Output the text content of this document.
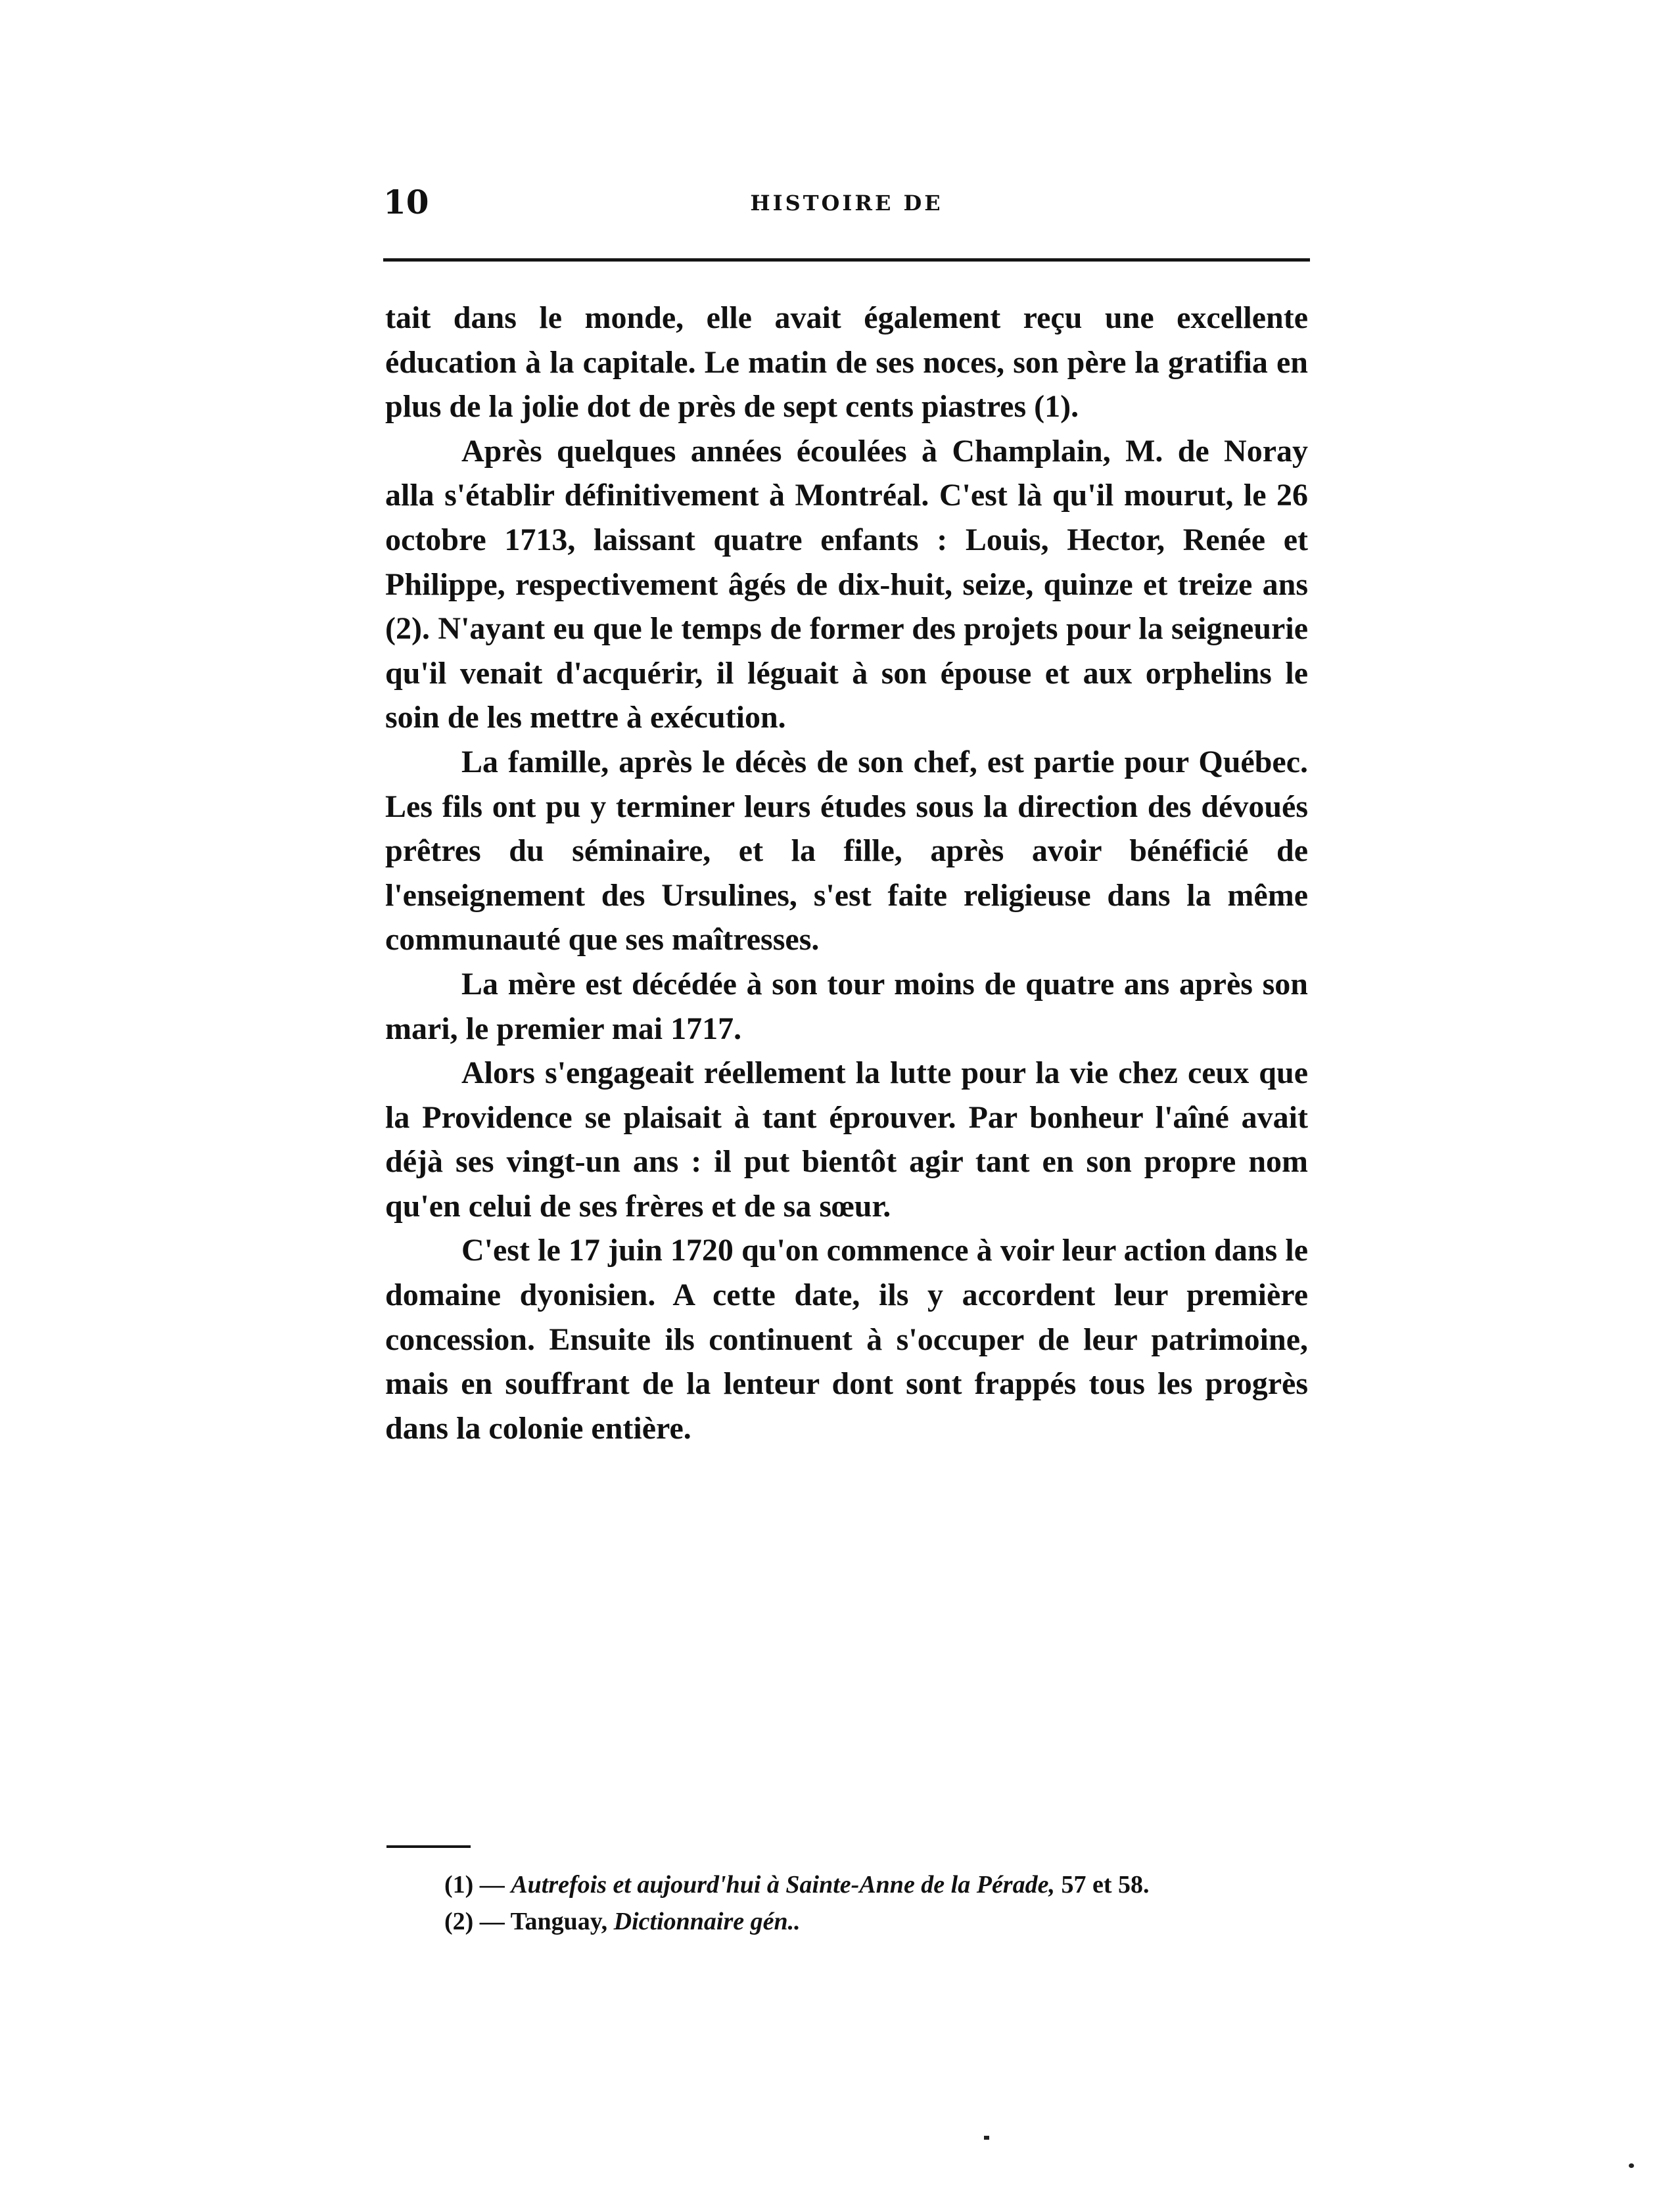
10	HISTOIRE DE

tait dans le monde, elle avait également reçu une excellente éducation à la capitale. Le matin de ses noces, son père la gratifia en plus de la jolie dot de près de sept cents piastres (1).

Après quelques années écoulées à Champlain, M. de Noray alla s'établir définitivement à Montréal. C'est là qu'il mourut, le 26 octobre 1713, laissant quatre enfants : Louis, Hector, Renée et Philippe, respectivement âgés de dix-huit, seize, quinze et treize ans (2). N'ayant eu que le temps de former des projets pour la seigneurie qu'il venait d'acquérir, il léguait à son épouse et aux orphelins le soin de les mettre à exécution.

La famille, après le décès de son chef, est partie pour Québec. Les fils ont pu y terminer leurs études sous la direction des dévoués prêtres du séminaire, et la fille, après avoir bénéficié de l'enseignement des Ursulines, s'est faite religieuse dans la même communauté que ses maîtresses.

La mère est décédée à son tour moins de quatre ans après son mari, le premier mai 1717.

Alors s'engageait réellement la lutte pour la vie chez ceux que la Providence se plaisait à tant éprouver. Par bonheur l'aîné avait déjà ses vingt-un ans : il put bientôt agir tant en son propre nom qu'en celui de ses frères et de sa sœur.

C'est le 17 juin 1720 qu'on commence à voir leur action dans le domaine dyonisien. A cette date, ils y accordent leur première concession. Ensuite ils continuent à s'occuper de leur patrimoine, mais en souffrant de la lenteur dont sont frappés tous les progrès dans la colonie entière.

(1) — Autrefois et aujourd'hui à Sainte-Anne de la Pérade, 57 et 58.

(2) — Tanguay, Dictionnaire gén..
